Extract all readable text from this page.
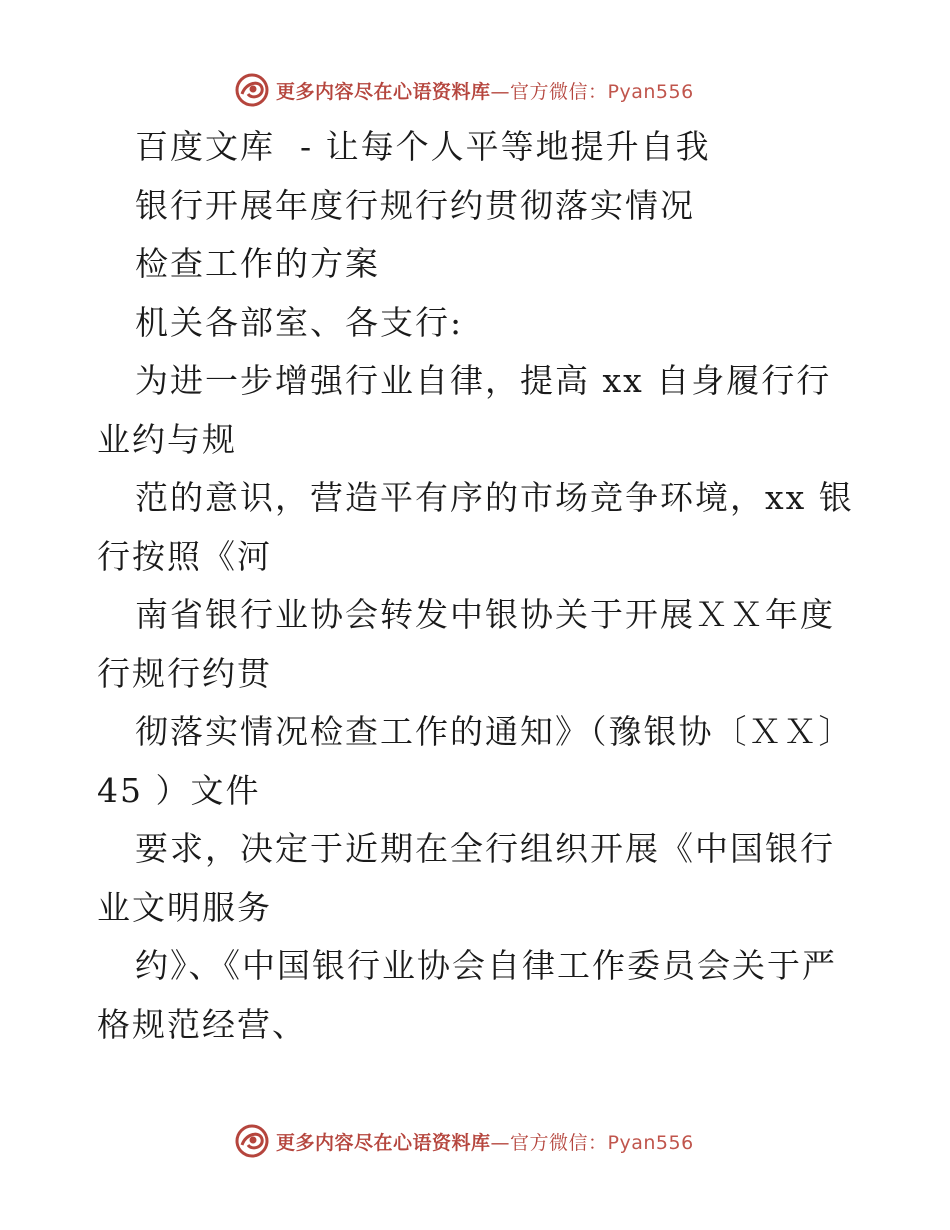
更多内容尽在心语资料库—官方微信：Pyan556

百度文库  - 让每个人平等地提升自我

银行开展年度行规行约贯彻落实情况

检查工作的方案

机关各部室、各支行:

为进一步增强行业自律，提高 xx 自身履行行业约与规

范的意识，营造平有序的市场竞争环境，xx 银行按照《河

南省银行业协会转发中银协关于开展ＸＸ年度行规行约贯

彻落实情况检查工作的通知》（豫银协〔ＸＸ〕45 ）文件

要求，决定于近期在全行组织开展《中国银行业文明服务

约》、《中国银行业协会自律工作委员会关于严格规范经营、

更多内容尽在心语资料库—官方微信：Pyan556
